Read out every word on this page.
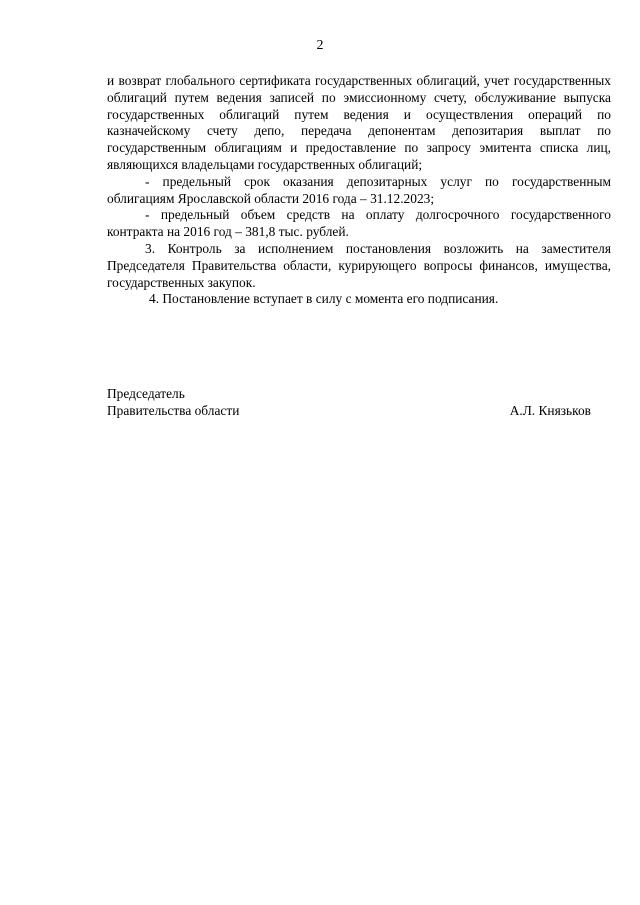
2

и возврат глобального сертификата государственных облигаций, учет государственных облигаций путем ведения записей по эмиссионному счету, обслуживание выпуска государственных облигаций путем ведения и осуществления операций по казначейскому счету депо, передача депонентам депозитария выплат по государственным облигациям и предоставление по запросу эмитента списка лиц, являющихся владельцами государственных облигаций;

- предельный срок оказания депозитарных услуг по государственным облигациям Ярославской области 2016 года – 31.12.2023;

- предельный объем средств на оплату долгосрочного государственного контракта на 2016 год – 381,8 тыс. рублей.

3. Контроль за исполнением постановления возложить на заместителя Председателя Правительства области, курирующего вопросы финансов, имущества, государственных закупок.

4. Постановление вступает в силу с момента его подписания.

Председатель
Правительства области	А.Л. Князьков
